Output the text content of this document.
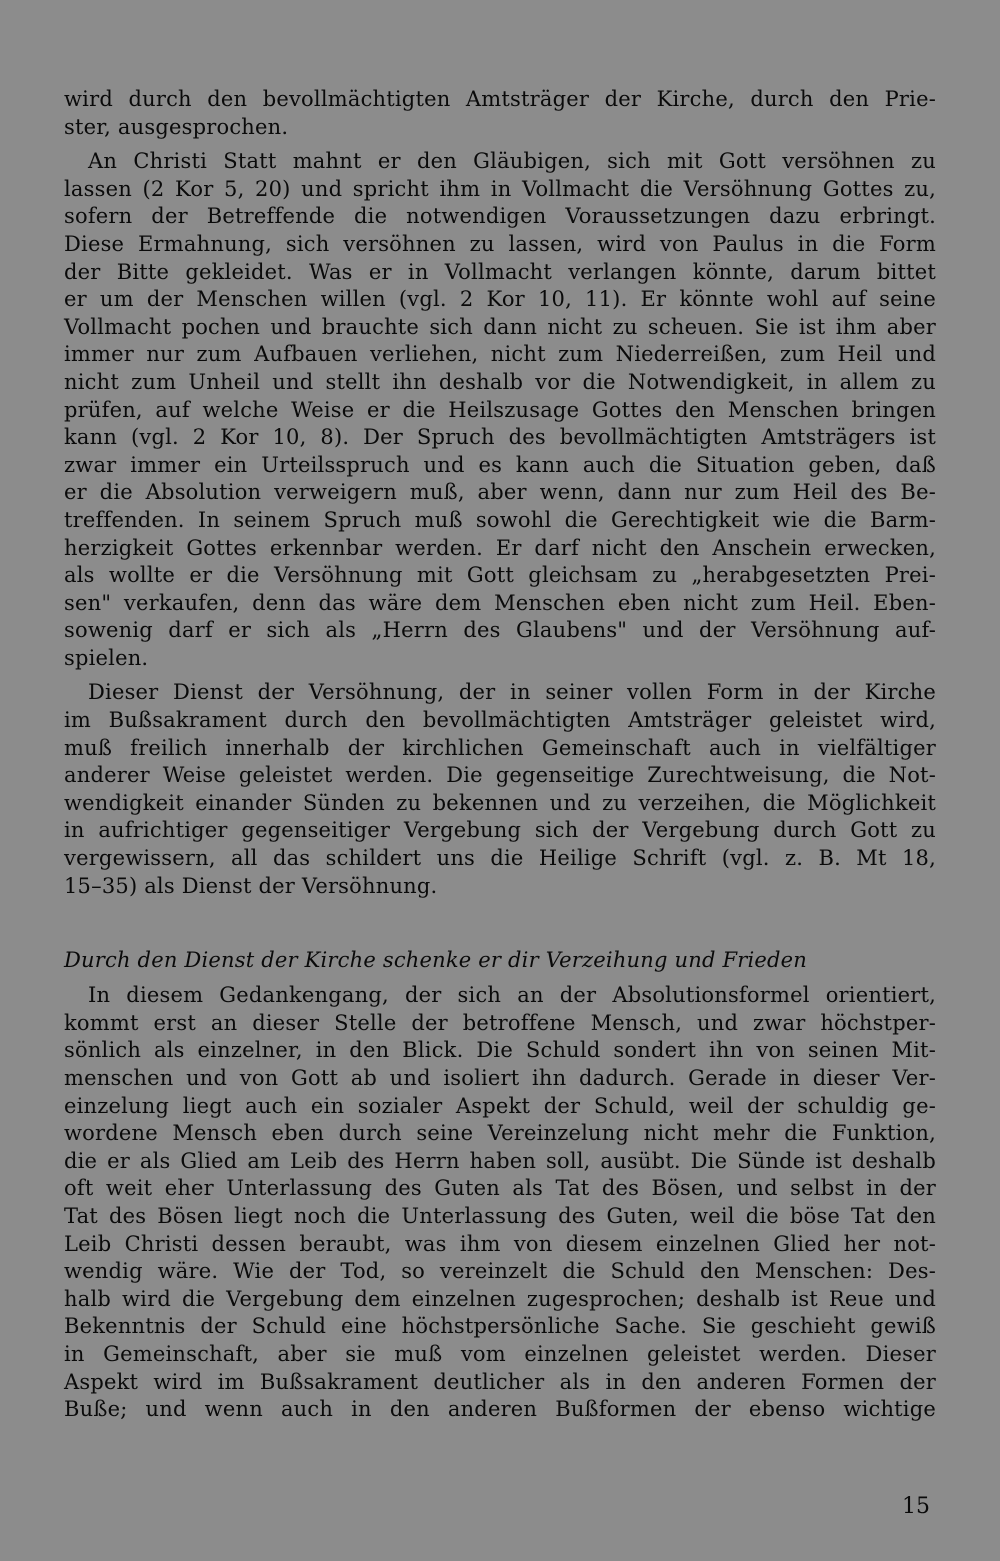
wird durch den bevollmächtigten Amtsträger der Kirche, durch den Prie-
ster, ausgesprochen.
An Christi Statt mahnt er den Gläubigen, sich mit Gott versöhnen zu
lassen (2 Kor 5, 20) und spricht ihm in Vollmacht die Versöhnung Gottes zu,
sofern der Betreffende die notwendigen Voraussetzungen dazu erbringt.
Diese Ermahnung, sich versöhnen zu lassen, wird von Paulus in die Form
der Bitte gekleidet. Was er in Vollmacht verlangen könnte, darum bittet
er um der Menschen willen (vgl. 2 Kor 10, 11). Er könnte wohl auf seine
Vollmacht pochen und brauchte sich dann nicht zu scheuen. Sie ist ihm aber
immer nur zum Aufbauen verliehen, nicht zum Niederreißen, zum Heil und
nicht zum Unheil und stellt ihn deshalb vor die Notwendigkeit, in allem zu
prüfen, auf welche Weise er die Heilszusage Gottes den Menschen bringen
kann (vgl. 2 Kor 10, 8). Der Spruch des bevollmächtigten Amtsträgers ist
zwar immer ein Urteilsspruch und es kann auch die Situation geben, daß
er die Absolution verweigern muß, aber wenn, dann nur zum Heil des Be-
treffenden. In seinem Spruch muß sowohl die Gerechtigkeit wie die Barm-
herzigkeit Gottes erkennbar werden. Er darf nicht den Anschein erwecken,
als wollte er die Versöhnung mit Gott gleichsam zu „herabgesetzten Prei-
sen" verkaufen, denn das wäre dem Menschen eben nicht zum Heil. Eben-
sowenig darf er sich als „Herrn des Glaubens" und der Versöhnung auf-
spielen.
Dieser Dienst der Versöhnung, der in seiner vollen Form in der Kirche
im Bußsakrament durch den bevollmächtigten Amtsträger geleistet wird,
muß freilich innerhalb der kirchlichen Gemeinschaft auch in vielfältiger
anderer Weise geleistet werden. Die gegenseitige Zurechtweisung, die Not-
wendigkeit einander Sünden zu bekennen und zu verzeihen, die Möglichkeit
in aufrichtiger gegenseitiger Vergebung sich der Vergebung durch Gott zu
vergewissern, all das schildert uns die Heilige Schrift (vgl. z. B. Mt 18,
15–35) als Dienst der Versöhnung.
Durch den Dienst der Kirche schenke er dir Verzeihung und Frieden
In diesem Gedankengang, der sich an der Absolutionsformel orientiert,
kommt erst an dieser Stelle der betroffene Mensch, und zwar höchstper-
sönlich als einzelner, in den Blick. Die Schuld sondert ihn von seinen Mit-
menschen und von Gott ab und isoliert ihn dadurch. Gerade in dieser Ver-
einzelung liegt auch ein sozialer Aspekt der Schuld, weil der schuldig ge-
wordene Mensch eben durch seine Vereinzelung nicht mehr die Funktion,
die er als Glied am Leib des Herrn haben soll, ausübt. Die Sünde ist deshalb
oft weit eher Unterlassung des Guten als Tat des Bösen, und selbst in der
Tat des Bösen liegt noch die Unterlassung des Guten, weil die böse Tat den
Leib Christi dessen beraubt, was ihm von diesem einzelnen Glied her not-
wendig wäre. Wie der Tod, so vereinzelt die Schuld den Menschen: Des-
halb wird die Vergebung dem einzelnen zugesprochen; deshalb ist Reue und
Bekenntnis der Schuld eine höchstpersönliche Sache. Sie geschieht gewiß
in Gemeinschaft, aber sie muß vom einzelnen geleistet werden. Dieser
Aspekt wird im Bußsakrament deutlicher als in den anderen Formen der
Buße; und wenn auch in den anderen Bußformen der ebenso wichtige
15
